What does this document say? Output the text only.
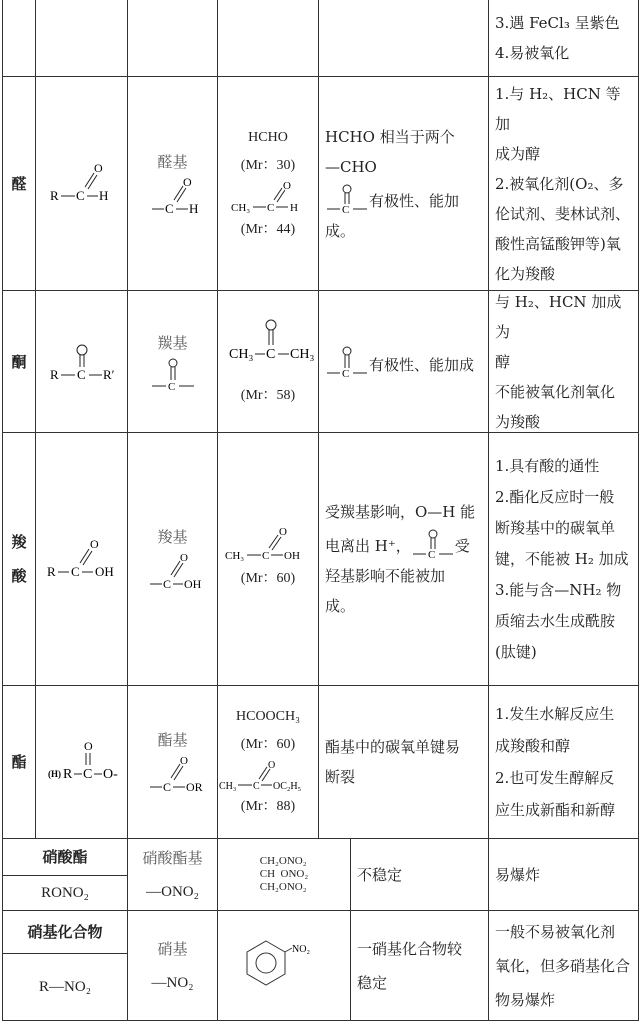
3.遇 FeCl₃ 呈紫色
4.易被氧化
醛
R C
O
H
醛基
C
O
H
HCHO
(Mr：30)
CH₃ C
O
H
(Mr：44)
HCHO 相当于两个
—CHO
C 有极性、能加
成。
1.与 H₂、HCN 等加
成为醇
2.被氧化剂(O₂、多
伦试剂、斐林试剂、
酸性高锰酸钾等)氧
化为羧酸
酮
R C R′
羰基
C
CH₃ C CH₃
(Mr：58)
C 有极性、能加成
与 H₂、HCN 加成为
醇
不能被氧化剂氧化
为羧酸
羧
酸 R C
O
OH
羧基
C
O
OH
CH₃ C
O
OH
(Mr：60)
受羰基影响，O—H 能
电离出 H⁺， C 受
羟基影响不能被加
成。
1.具有酸的通性
2.酯化反应时一般
断羧基中的碳氧单
键，不能被 H₂ 加成
3.能与含—NH₂ 物
质缩去水生成酰胺
(肽键)
酯
(H) R C
O
O-
酯基
C
O
OR
HCOOCH₃
(Mr：60)
CH₃ C
O
OC₂H₅
(Mr：88)
酯基中的碳氧单键易
断裂
1.发生水解反应生
成羧酸和醇
2.也可发生醇解反
应生成新酯和新醇
硝酸酯
RONO₂
硝酸酯基
—ONO₂
CH₂ONO₂
CH  ONO₂
CH₂ONO₂
不稳定	易爆炸
硝基化合物
R—NO₂
硝基
—NO₂
NO₂	一硝基化合物较
稳定
一般不易被氧化剂
氧化，但多硝基化合
物易爆炸
